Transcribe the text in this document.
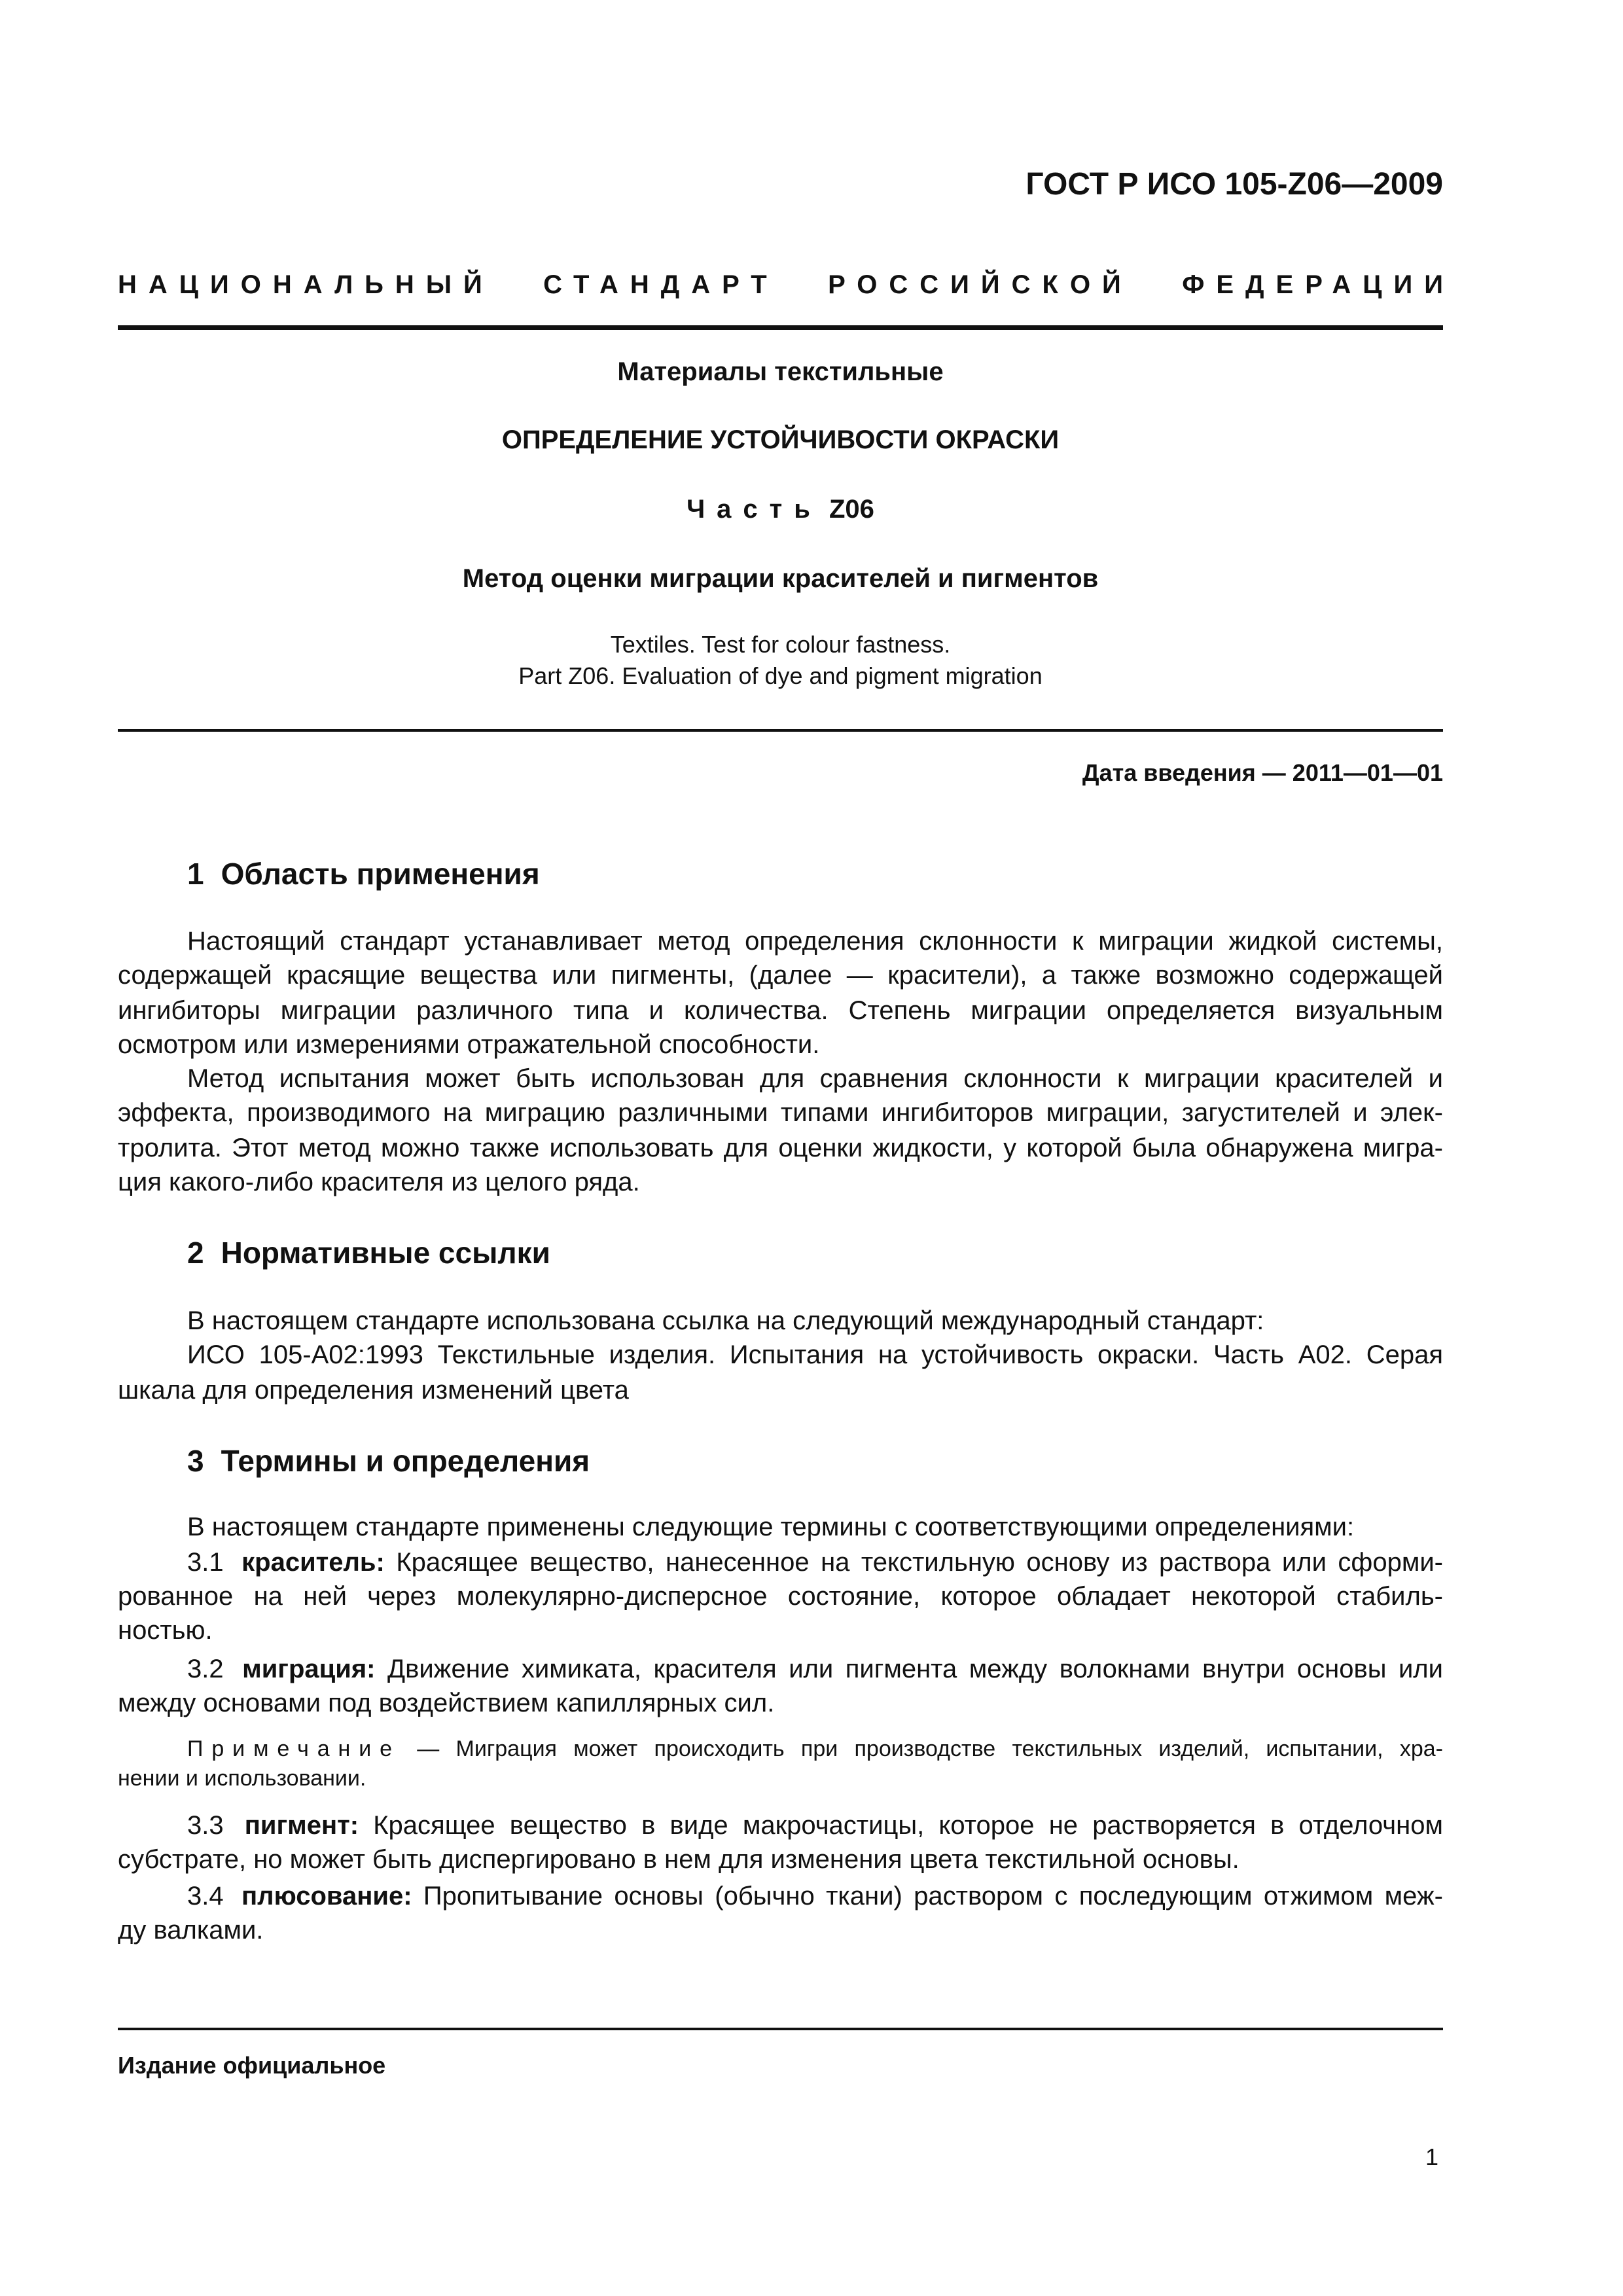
ГОСТ Р ИСО 105-Z06—2009
НАЦИОНАЛЬНЫЙ СТАНДАРТ РОССИЙСКОЙ ФЕДЕРАЦИИ
Материалы текстильные
ОПРЕДЕЛЕНИЕ УСТОЙЧИВОСТИ ОКРАСКИ
Часть Z06
Метод оценки миграции красителей и пигментов
Textiles. Test for colour fastness.
Part Z06. Evaluation of dye and pigment migration
Дата введения — 2011—01—01
1 Область применения
Настоящий стандарт устанавливает метод определения склонности к миграции жидкой системы,
содержащей красящие вещества или пигменты, (далее — красители), а также возможно содержащей
ингибиторы миграции различного типа и количества. Степень миграции определяется визуальным
осмотром или измерениями отражательной способности.
Метод испытания может быть использован для сравнения склонности к миграции красителей и
эффекта, производимого на миграцию различными типами ингибиторов миграции, загустителей и элек-
тролита. Этот метод можно также использовать для оценки жидкости, у которой была обнаружена мигра-
ция какого-либо красителя из целого ряда.
2 Нормативные ссылки
В настоящем стандарте использована ссылка на следующий международный стандарт:
ИСО 105-A02:1993 Текстильные изделия. Испытания на устойчивость окраски. Часть A02. Серая
шкала для определения изменений цвета
3 Термины и определения
В настоящем стандарте применены следующие термины с соответствующими определениями:
3.1 краситель: Красящее вещество, нанесенное на текстильную основу из раствора или сформи-
рованное на ней через молекулярно-дисперсное состояние, которое обладает некоторой стабиль-
ностью.
3.2 миграция: Движение химиката, красителя или пигмента между волокнами внутри основы или
между основами под воздействием капиллярных сил.
Примечание — Миграция может происходить при производстве текстильных изделий, испытании, хра-
нении и использовании.
3.3 пигмент: Красящее вещество в виде макрочастицы, которое не растворяется в отделочном
субстрате, но может быть диспергировано в нем для изменения цвета текстильной основы.
3.4 плюсование: Пропитывание основы (обычно ткани) раствором с последующим отжимом меж-
ду валками.
Издание официальное
1
